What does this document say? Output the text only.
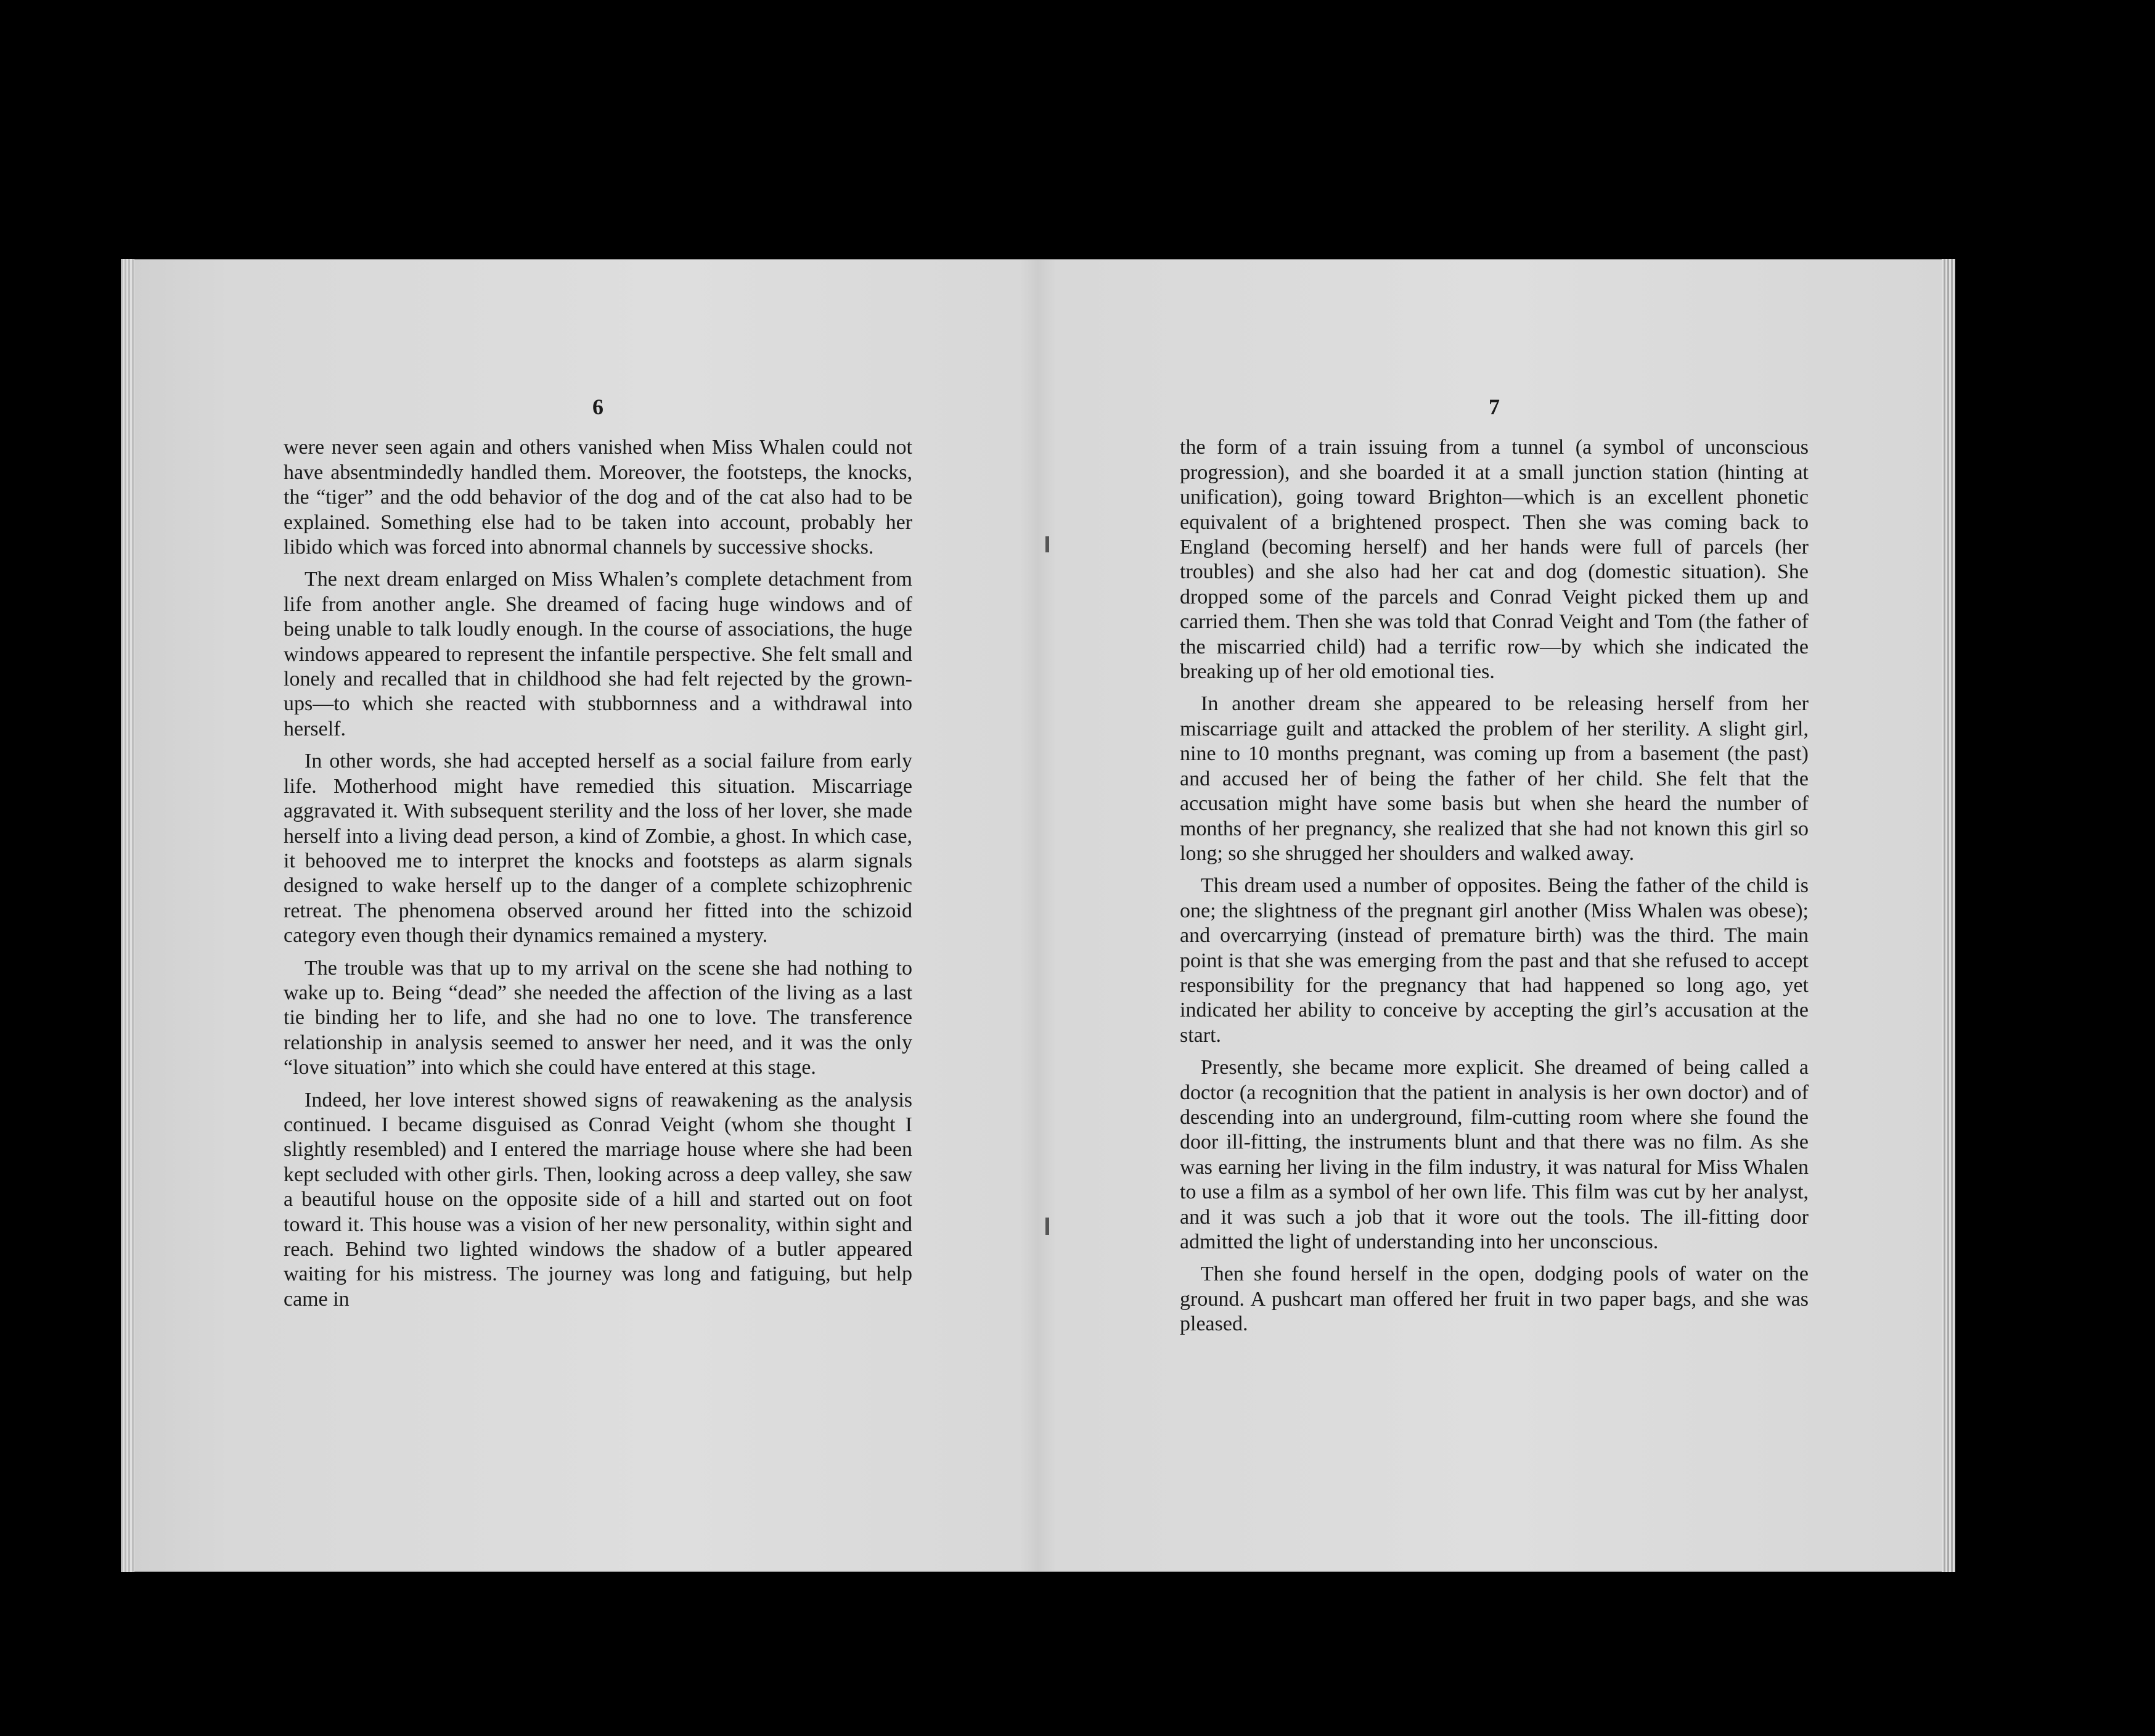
6

were never seen again and others vanished when Miss Whalen could not have absentmindedly handled them. Moreover, the footsteps, the knocks, the “tiger” and the odd behavior of the dog and of the cat also had to be explained. Something else had to be taken into account, probably her libido which was forced into abnormal channels by successive shocks.

The next dream enlarged on Miss Whalen’s complete detachment from life from another angle. She dreamed of facing huge windows and of being unable to talk loudly enough. In the course of associations, the huge windows appeared to represent the infantile perspective. She felt small and lonely and recalled that in childhood she had felt rejected by the grown-ups—to which she reacted with stubbornness and a withdrawal into herself.

In other words, she had accepted herself as a social failure from early life. Motherhood might have remedied this situation. Miscarriage aggravated it. With subsequent sterility and the loss of her lover, she made herself into a living dead person, a kind of Zombie, a ghost. In which case, it behooved me to interpret the knocks and footsteps as alarm signals designed to wake herself up to the danger of a complete schizophrenic retreat. The phenomena observed around her fitted into the schizoid category even though their dynamics remained a mystery.

The trouble was that up to my arrival on the scene she had nothing to wake up to. Being “dead” she needed the affection of the living as a last tie binding her to life, and she had no one to love. The transference relationship in analysis seemed to answer her need, and it was the only “love situation” into which she could have entered at this stage.

Indeed, her love interest showed signs of reawakening as the analysis continued. I became disguised as Conrad Veight (whom she thought I slightly resembled) and I entered the marriage house where she had been kept secluded with other girls. Then, looking across a deep valley, she saw a beautiful house on the opposite side of a hill and started out on foot toward it. This house was a vision of her new personality, within sight and reach. Behind two lighted windows the shadow of a butler appeared waiting for his mistress. The journey was long and fatiguing, but help came in

7

the form of a train issuing from a tunnel (a symbol of unconscious progression), and she boarded it at a small junction station (hinting at unification), going toward Brighton—which is an excellent phonetic equivalent of a brightened prospect. Then she was coming back to England (becoming herself) and her hands were full of parcels (her troubles) and she also had her cat and dog (domestic situation). She dropped some of the parcels and Conrad Veight picked them up and carried them. Then she was told that Conrad Veight and Tom (the father of the miscarried child) had a terrific row—by which she indicated the breaking up of her old emotional ties.

In another dream she appeared to be releasing herself from her miscarriage guilt and attacked the problem of her sterility. A slight girl, nine to 10 months pregnant, was coming up from a basement (the past) and accused her of being the father of her child. She felt that the accusation might have some basis but when she heard the number of months of her pregnancy, she realized that she had not known this girl so long; so she shrugged her shoulders and walked away.

This dream used a number of opposites. Being the father of the child is one; the slightness of the pregnant girl another (Miss Whalen was obese); and overcarrying (instead of premature birth) was the third. The main point is that she was emerging from the past and that she refused to accept responsibility for the pregnancy that had happened so long ago, yet indicated her ability to conceive by accepting the girl’s accusation at the start.

Presently, she became more explicit. She dreamed of being called a doctor (a recognition that the patient in analysis is her own doctor) and of descending into an underground, film-cutting room where she found the door ill-fitting, the instruments blunt and that there was no film. As she was earning her living in the film industry, it was natural for Miss Whalen to use a film as a symbol of her own life. This film was cut by her analyst, and it was such a job that it wore out the tools. The ill-fitting door admitted the light of understanding into her unconscious.

Then she found herself in the open, dodging pools of water on the ground. A pushcart man offered her fruit in two paper bags, and she was pleased.
